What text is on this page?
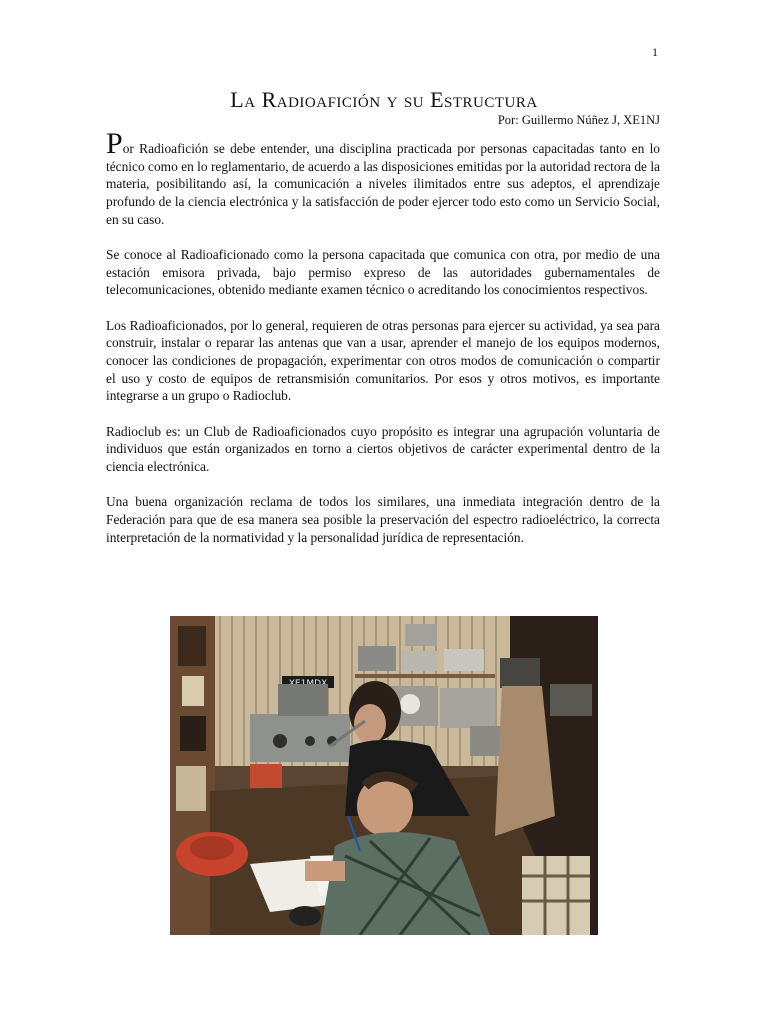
1
La Radioafición y su Estructura
Por: Guillermo Núñez J, XE1NJ

Por Radioafición se debe entender, una disciplina practicada por personas capacitadas tanto en lo técnico como en lo reglamentario, de acuerdo a las disposiciones emitidas por la autoridad rectora de la materia, posibilitando así, la comunicación a niveles ilimitados entre sus adeptos, el aprendizaje profundo de la ciencia electrónica y la satisfacción de poder ejercer todo esto como un Servicio Social, en su caso.

Se conoce al Radioaficionado como la persona capacitada que comunica con otra, por medio de una estación emisora privada, bajo permiso expreso de las autoridades gubernamentales de telecomunicaciones, obtenido mediante examen técnico o acreditando los conocimientos respectivos.

Los Radioaficionados, por lo general, requieren de otras personas para ejercer su actividad, ya sea para construir, instalar o reparar las antenas que van a usar, aprender el manejo de los equipos modernos, conocer las condiciones de propagación, experimentar con otros modos de comunicación o compartir el uso y costo de equipos de retransmisión comunitarios. Por esos y otros motivos, es importante integrarse a un grupo o Radioclub.

Radioclub es: un Club de Radioaficionados cuyo propósito es integrar una agrupación voluntaria de individuos que están organizados en torno a ciertos objetivos de carácter experimental dentro de la ciencia electrónica.

Una buena organización reclama de todos los similares, una inmediata integración dentro de la Federación para que de esa manera sea posible la preservación del espectro radioeléctrico, la correcta interpretación de la normatividad y la personalidad jurídica de representación.
